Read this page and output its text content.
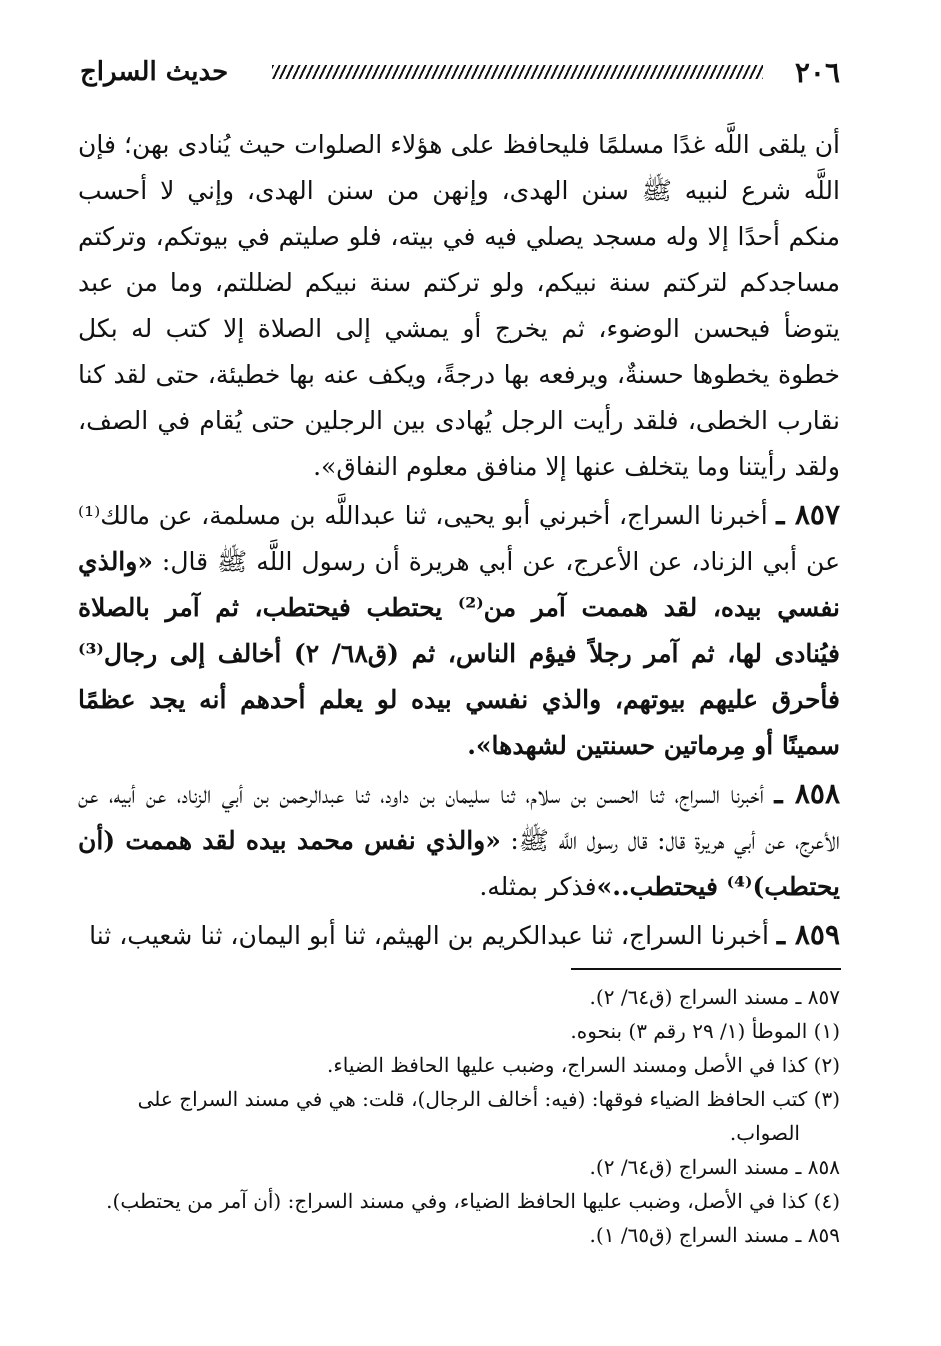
٢٠٦
حديث السراج

أن يلقى اللَّه غدًا مسلمًا فليحافظ على هؤلاء الصلوات حيث يُنادى بهن؛ فإن اللَّه شرع لنبيه ﷺ سنن الهدى، وإنهن من سنن الهدى، وإني لا أحسب منكم أحدًا إلا وله مسجد يصلي فيه في بيته، فلو صليتم في بيوتكم، وتركتم مساجدكم لتركتم سنة نبيكم، ولو تركتم سنة نبيكم لضللتم، وما من عبد يتوضأ فيحسن الوضوء، ثم يخرج أو يمشي إلى الصلاة إلا كتب له بكل خطوة يخطوها حسنةٌ، ويرفعه بها درجةً، ويكف عنه بها خطيئة، حتى لقد كنا نقارب الخطى، فلقد رأيت الرجل يُهادى بين الرجلين حتى يُقام في الصف، ولقد رأيتنا وما يتخلف عنها إلا منافق معلوم النفاق».

٨٥٧ ـ أخبرنا السراج، أخبرني أبو يحيى، ثنا عبداللَّه بن مسلمة، عن مالك⁽¹⁾ عن أبي الزناد، عن الأعرج، عن أبي هريرة أن رسول اللَّه ﷺ قال: «والذي نفسي بيده، لقد هممت آمر من⁽²⁾ يحتطب فيحتطب، ثم آمر بالصلاة فيُنادى لها، ثم آمر رجلاً فيؤم الناس، ثم (ق٦٨/ ٢) أخالف إلى رجال⁽³⁾ فأحرق عليهم بيوتهم، والذي نفسي بيده لو يعلم أحدهم أنه يجد عظمًا سمينًا أو مِرماتين حسنتين لشهدها».

٨٥٨ ـ أخبرنا السراج، ثنا الحسن بن سلام، ثنا سليمان بن داود، ثنا عبدالرحمن بن أبي الزناد، عن أبيه، عن الأعرج، عن أبي هريرة قال: قال رسول اللَّه ﷺ: «والذي نفس محمد بيده لقد هممت (أن يحتطب)⁽⁴⁾ فيحتطب..»فذكر بمثله.

٨٥٩ ـ أخبرنا السراج، ثنا عبدالكريم بن الهيثم، ثنا أبو اليمان، ثنا شعيب، ثنا

٨٥٧ ـ مسند السراج (ق٦٤/ ٢).

(١) الموطأ (١/ ٢٩ رقم ٣) بنحوه.

(٢) كذا في الأصل ومسند السراج، وضبب عليها الحافظ الضياء.

(٣) كتب الحافظ الضياء فوقها: (فيه: أخالف الرجال)، قلت: هي في مسند السراج على

الصواب.

٨٥٨ ـ مسند السراج (ق٦٤/ ٢).

(٤) كذا في الأصل، وضبب عليها الحافظ الضياء، وفي مسند السراج: (أن آمر من يحتطب).

٨٥٩ ـ مسند السراج (ق٦٥/ ١).
